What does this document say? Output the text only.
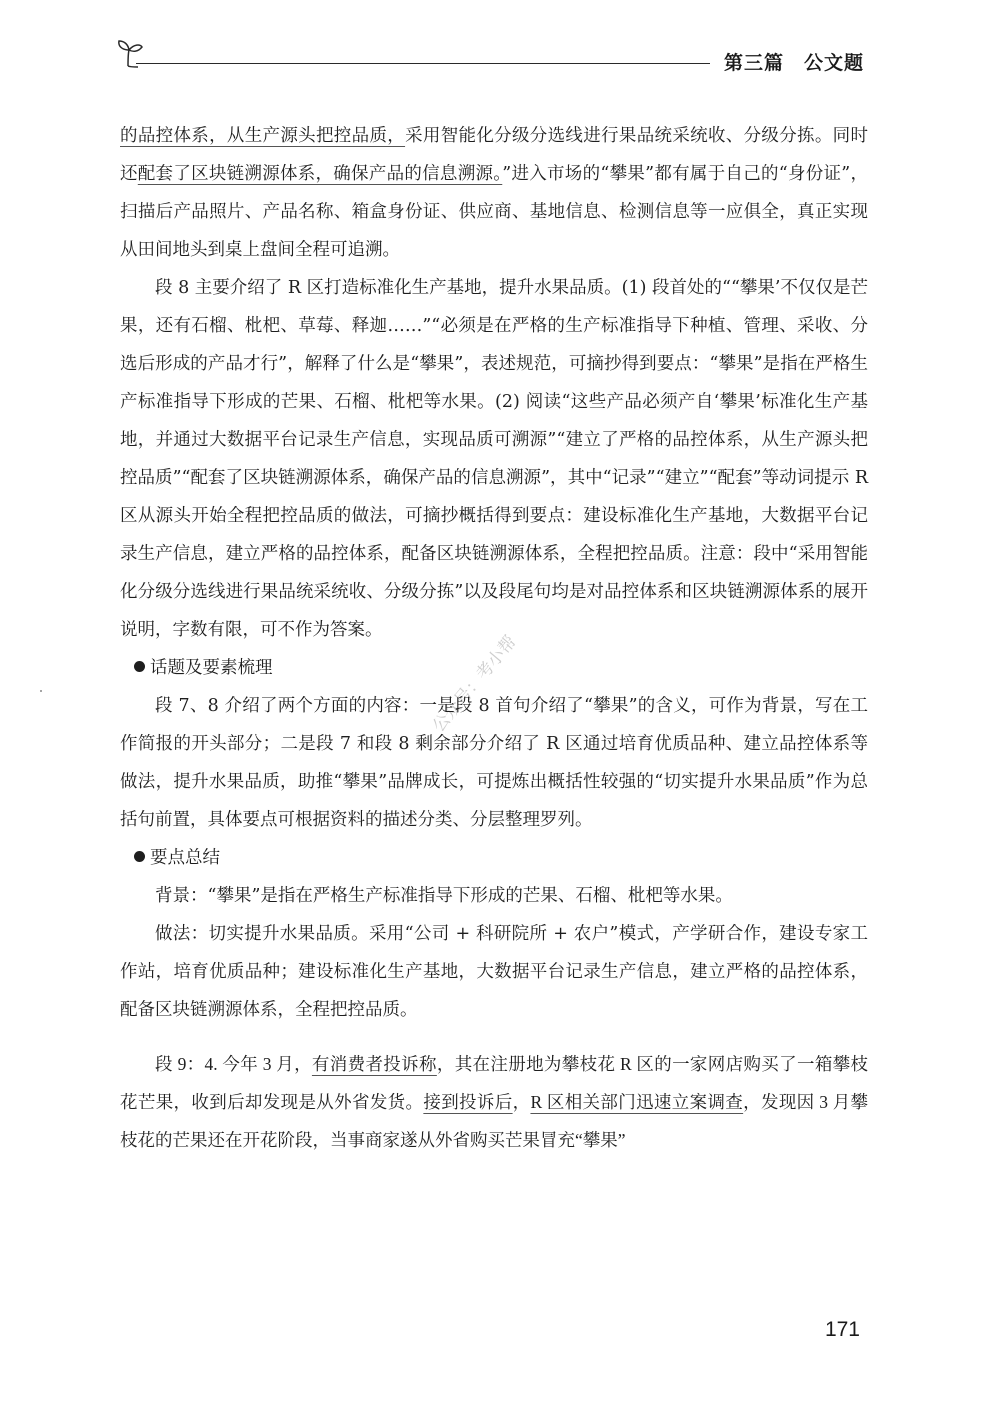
第三篇　公文题
公众号：考小帮

的品控体系，从生产源头把控品质，采用智能化分级分选线进行果品统采统收、分级分拣。同时还配套了区块链溯源体系，确保产品的信息溯源。”进入市场的“攀果”都有属于自己的“身份证”，扫描后产品照片、产品名称、箱盒身份证、供应商、基地信息、检测信息等一应俱全，真正实现从田间地头到桌上盘间全程可追溯。

段 8 主要介绍了 R 区打造标准化生产基地，提升水果品质。(1) 段首处的““攀果’不仅仅是芒果，还有石榴、枇杷、草莓、释迦……”“必须是在严格的生产标准指导下种植、管理、采收、分选后形成的产品才行”，解释了什么是“攀果”，表述规范，可摘抄得到要点：“攀果”是指在严格生产标准指导下形成的芒果、石榴、枇杷等水果。(2) 阅读“这些产品必须产自‘攀果’标准化生产基地，并通过大数据平台记录生产信息，实现品质可溯源”“建立了严格的品控体系，从生产源头把控品质”“配套了区块链溯源体系，确保产品的信息溯源”，其中“记录”“建立”“配套”等动词提示 R 区从源头开始全程把控品质的做法，可摘抄概括得到要点：建设标准化生产基地，大数据平台记录生产信息，建立严格的品控体系，配备区块链溯源体系，全程把控品质。注意：段中“采用智能化分级分选线进行果品统采统收、分级分拣”以及段尾句均是对品控体系和区块链溯源体系的展开说明，字数有限，可不作为答案。

话题及要素梳理

段 7、8 介绍了两个方面的内容：一是段 8 首句介绍了“攀果”的含义，可作为背景，写在工作简报的开头部分；二是段 7 和段 8 剩余部分介绍了 R 区通过培育优质品种、建立品控体系等做法，提升水果品质，助推“攀果”品牌成长，可提炼出概括性较强的“切实提升水果品质”作为总括句前置，具体要点可根据资料的描述分类、分层整理罗列。

要点总结

背景：“攀果”是指在严格生产标准指导下形成的芒果、石榴、枇杷等水果。

做法：切实提升水果品质。采用“公司 + 科研院所 + 农户”模式，产学研合作，建设专家工作站，培育优质品种；建设标准化生产基地，大数据平台记录生产信息，建立严格的品控体系，配备区块链溯源体系，全程把控品质。

段 9：4. 今年 3 月，有消费者投诉称，其在注册地为攀枝花 R 区的一家网店购买了一箱攀枝花芒果，收到后却发现是从外省发货。接到投诉后，R 区相关部门迅速立案调查，发现因 3 月攀枝花的芒果还在开花阶段，当事商家遂从外省购买芒果冒充“攀果”

171
